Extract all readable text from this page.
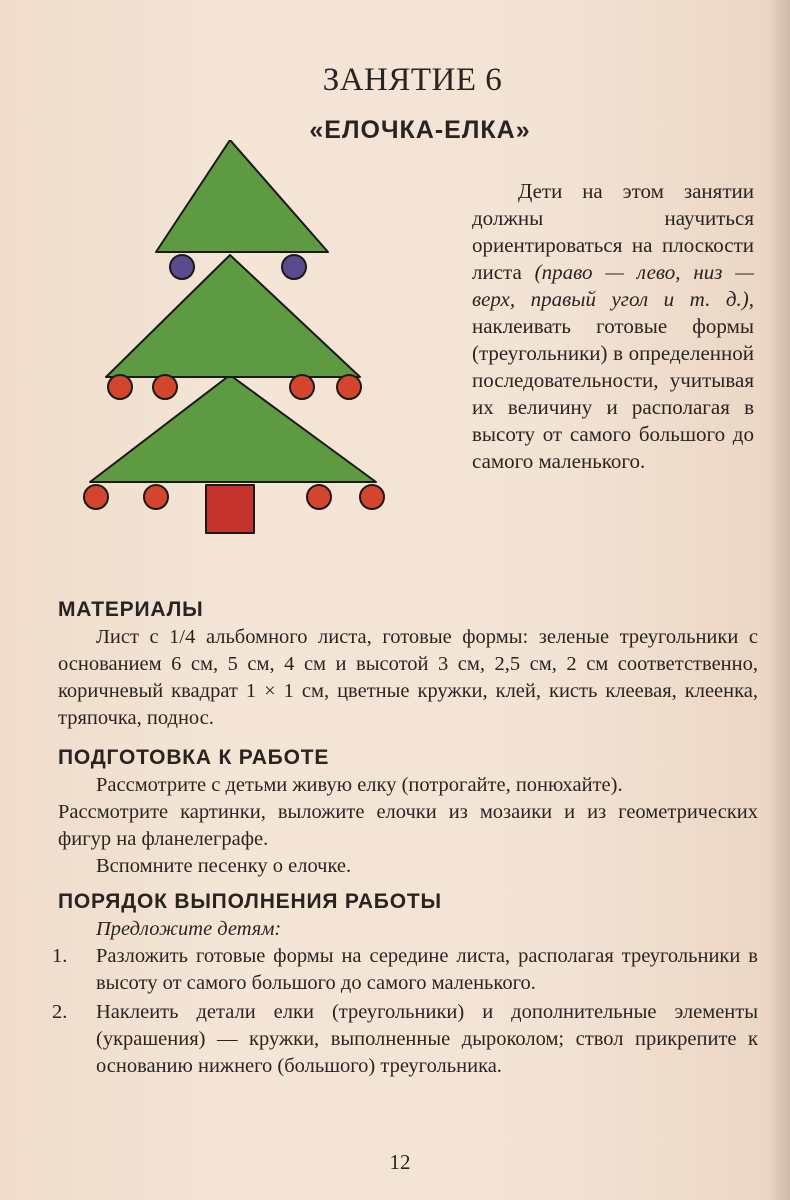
ЗАНЯТИЕ 6
«ЕЛОЧКА-ЕЛКА»

Дети на этом занятии должны научиться ориентироваться на плоскости листа (право — лево, низ — верх, правый угол и т. д.), наклеивать готовые формы (треугольники) в определенной последовательности, учитывая их величину и располагая в высоту от самого большого до самого маленького.

МАТЕРИАЛЫ

Лист с 1/4 альбомного листа, готовые формы: зеленые треугольники с основанием 6 см, 5 см, 4 см и высотой 3 см, 2,5 см, 2 см соответственно, коричневый квадрат 1 × 1 см, цветные кружки, клей, кисть клеевая, клеенка, тряпочка, поднос.

ПОДГОТОВКА К РАБОТЕ

Рассмотрите с детьми живую елку (потрогайте, понюхайте).

Рассмотрите картинки, выложите елочки из мозаики и из геометрических фигур на фланелеграфе.

Вспомните песенку о елочке.

ПОРЯДОК ВЫПОЛНЕНИЯ РАБОТЫ

Предложите детям:

1. Разложить готовые формы на середине листа, располагая треугольники в высоту от самого большого до самого маленького.
2. Наклеить детали елки (треугольники) и дополнительные элементы (украшения) — кружки, выполненные дыроколом; ствол прикрепите к основанию нижнего (большого) треугольника.
12
